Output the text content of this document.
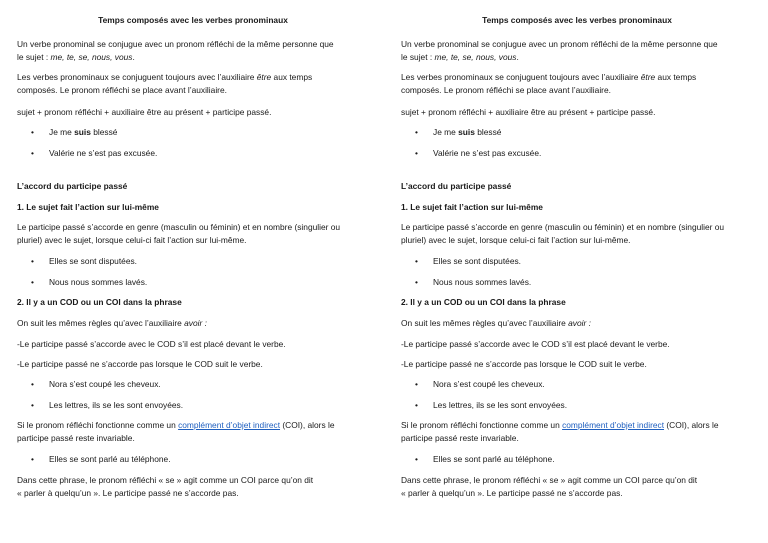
Temps composés avec les verbes pronominaux
Un verbe pronominal se conjugue avec un pronom réfléchi de la même personne que
le sujet : me, te, se, nous, vous.
Les verbes pronominaux se conjuguent toujours avec l’auxiliaire être aux temps
composés. Le pronom réfléchi se place avant l’auxiliaire.
sujet + pronom réfléchi + auxiliaire être au présent + participe passé.
• Je me suis blessé
• Valérie ne s’est pas excusée.
L’accord du participe passé
1. Le sujet fait l’action sur lui-même
Le participe passé s’accorde en genre (masculin ou féminin) et en nombre (singulier ou
pluriel) avec le sujet, lorsque celui-ci fait l’action sur lui-même.
• Elles se sont disputées.
• Nous nous sommes lavés.
2. Il y a un COD ou un COI dans la phrase
On suit les mêmes règles qu’avec l’auxiliaire avoir :
-Le participe passé s’accorde avec le COD s’il est placé devant le verbe.
-Le participe passé ne s’accorde pas lorsque le COD suit le verbe.
• Nora s’est coupé les cheveux.
• Les lettres, ils se les sont envoyées.
Si le pronom réfléchi fonctionne comme un complément d’objet indirect (COI), alors le
participe passé reste invariable.
• Elles se sont parlé au téléphone.
Dans cette phrase, le pronom réfléchi « se » agit comme un COI parce qu’on dit
« parler à quelqu’un ». Le participe passé ne s’accorde pas.
Temps composés avec les verbes pronominaux
Un verbe pronominal se conjugue avec un pronom réfléchi de la même personne que
le sujet : me, te, se, nous, vous.
Les verbes pronominaux se conjuguent toujours avec l’auxiliaire être aux temps
composés. Le pronom réfléchi se place avant l’auxiliaire.
sujet + pronom réfléchi + auxiliaire être au présent + participe passé.
• Je me suis blessé
• Valérie ne s’est pas excusée.
L’accord du participe passé
1. Le sujet fait l’action sur lui-même
Le participe passé s’accorde en genre (masculin ou féminin) et en nombre (singulier ou
pluriel) avec le sujet, lorsque celui-ci fait l’action sur lui-même.
• Elles se sont disputées.
• Nous nous sommes lavés.
2. Il y a un COD ou un COI dans la phrase
On suit les mêmes règles qu’avec l’auxiliaire avoir :
-Le participe passé s’accorde avec le COD s’il est placé devant le verbe.
-Le participe passé ne s’accorde pas lorsque le COD suit le verbe.
• Nora s’est coupé les cheveux.
• Les lettres, ils se les sont envoyées.
Si le pronom réfléchi fonctionne comme un complément d’objet indirect (COI), alors le
participe passé reste invariable.
• Elles se sont parlé au téléphone.
Dans cette phrase, le pronom réfléchi « se » agit comme un COI parce qu’on dit
« parler à quelqu’un ». Le participe passé ne s’accorde pas.
